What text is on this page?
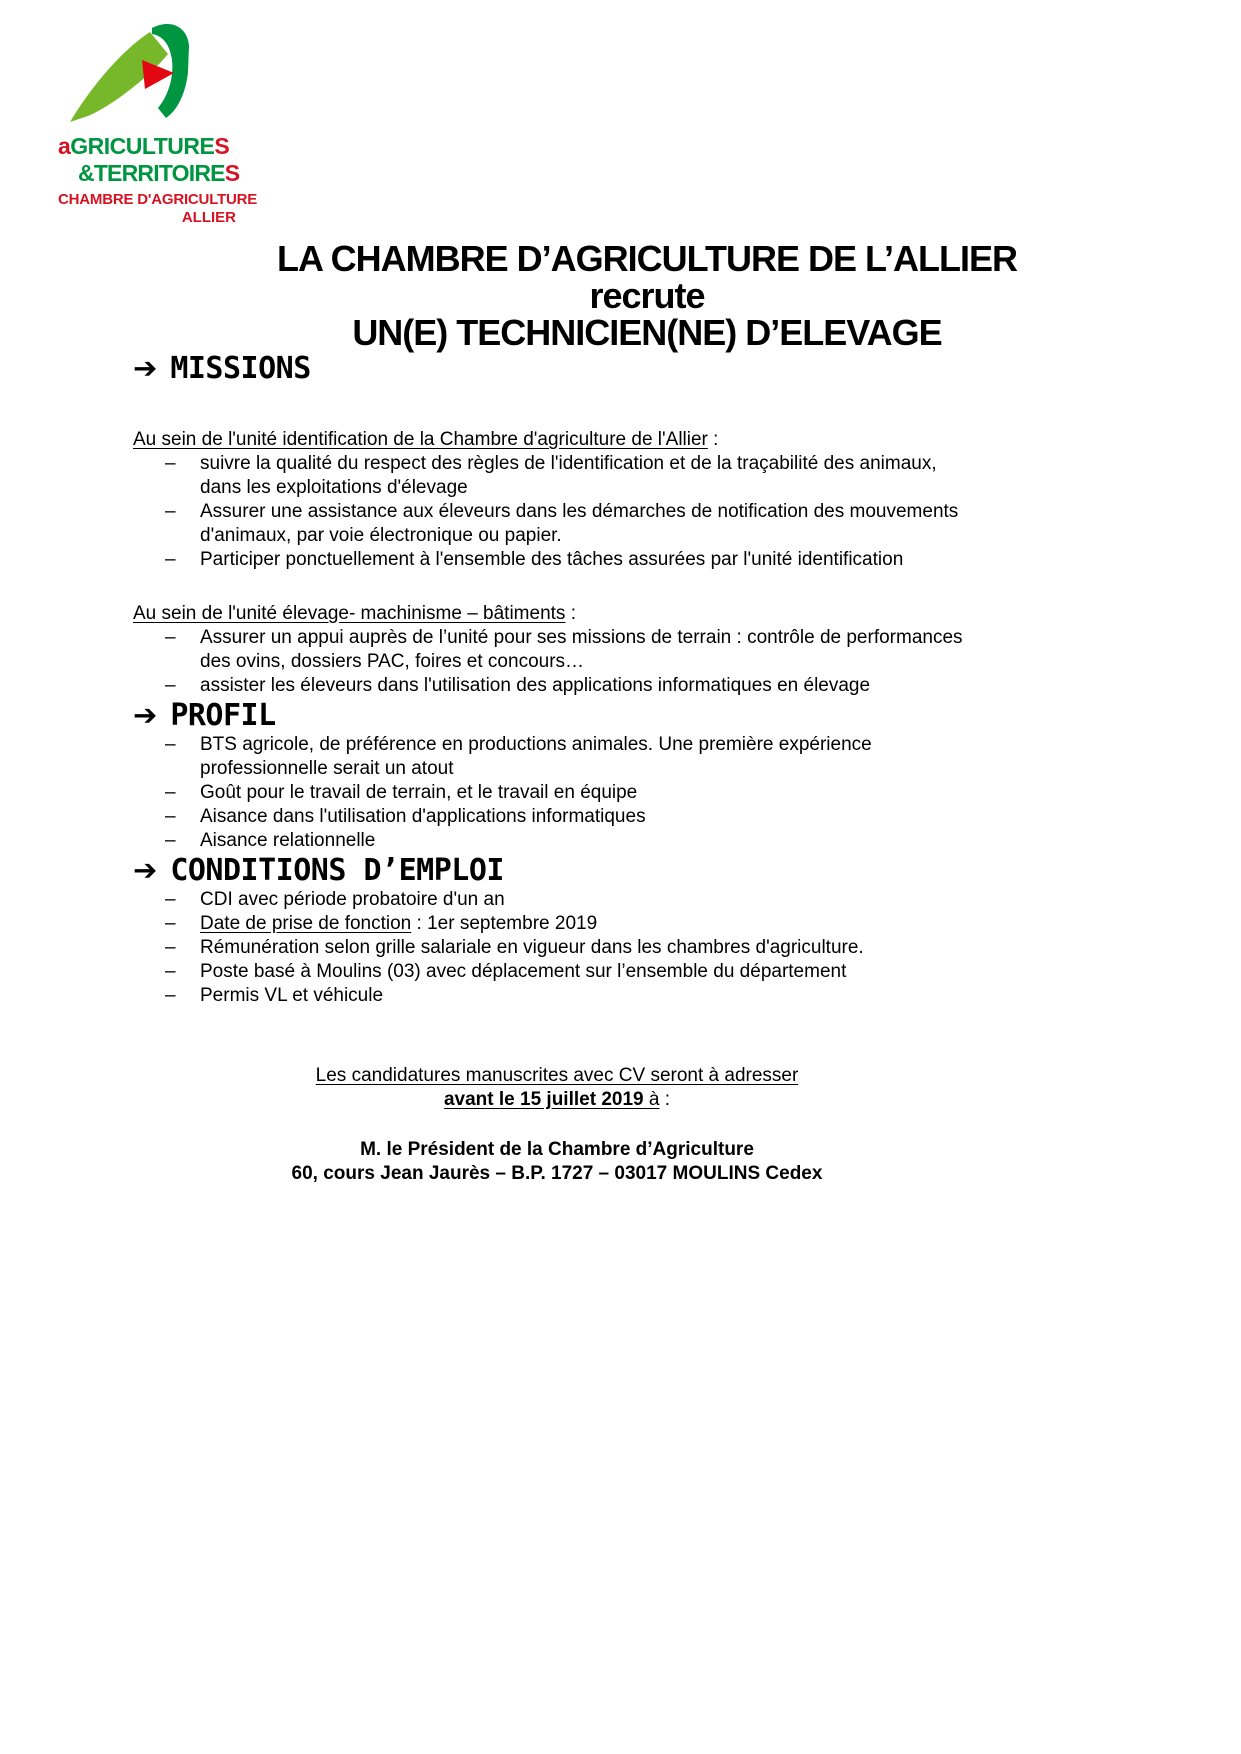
aGRICULTURES
&TERRITOIRES
CHAMBRE D'AGRICULTURE
ALLIER
LA CHAMBRE D’AGRICULTURE DE L’ALLIER
recrute
UN(E) TECHNICIEN(NE) D’ELEVAGE
➔ MISSIONS

Au sein de l'unité identification de la Chambre d'agriculture de l'Allier :

– suivre la qualité du respect des règles de l'identification et de la traçabilité des animaux, dans les exploitations d'élevage
– Assurer une assistance aux éleveurs dans les démarches de notification des mouvements d'animaux, par voie électronique ou papier.
– Participer ponctuellement à l'ensemble des tâches assurées par l'unité identification

Au sein de l'unité élevage- machinisme – bâtiments :

– Assurer un appui auprès de l’unité pour ses missions de terrain : contrôle de performances des ovins, dossiers PAC, foires et concours…
– assister les éleveurs dans l'utilisation des applications informatiques en élevage
➔ PROFIL
– BTS agricole, de préférence en productions animales. Une première expérience professionnelle serait un atout
– Goût pour le travail de terrain, et le travail en équipe
– Aisance dans l'utilisation d'applications informatiques
– Aisance relationnelle
➔ CONDITIONS D’EMPLOI
– CDI avec période probatoire d'un an
– Date de prise de fonction : 1er septembre 2019
– Rémunération selon grille salariale en vigueur dans les chambres d'agriculture.
– Poste basé à Moulins (03) avec déplacement sur l’ensemble du département
– Permis VL et véhicule

Les candidatures manuscrites avec CV seront à adresser

avant le 15 juillet 2019 à :

M. le Président de la Chambre d’Agriculture

60, cours Jean Jaurès – B.P. 1727 – 03017 MOULINS Cedex
